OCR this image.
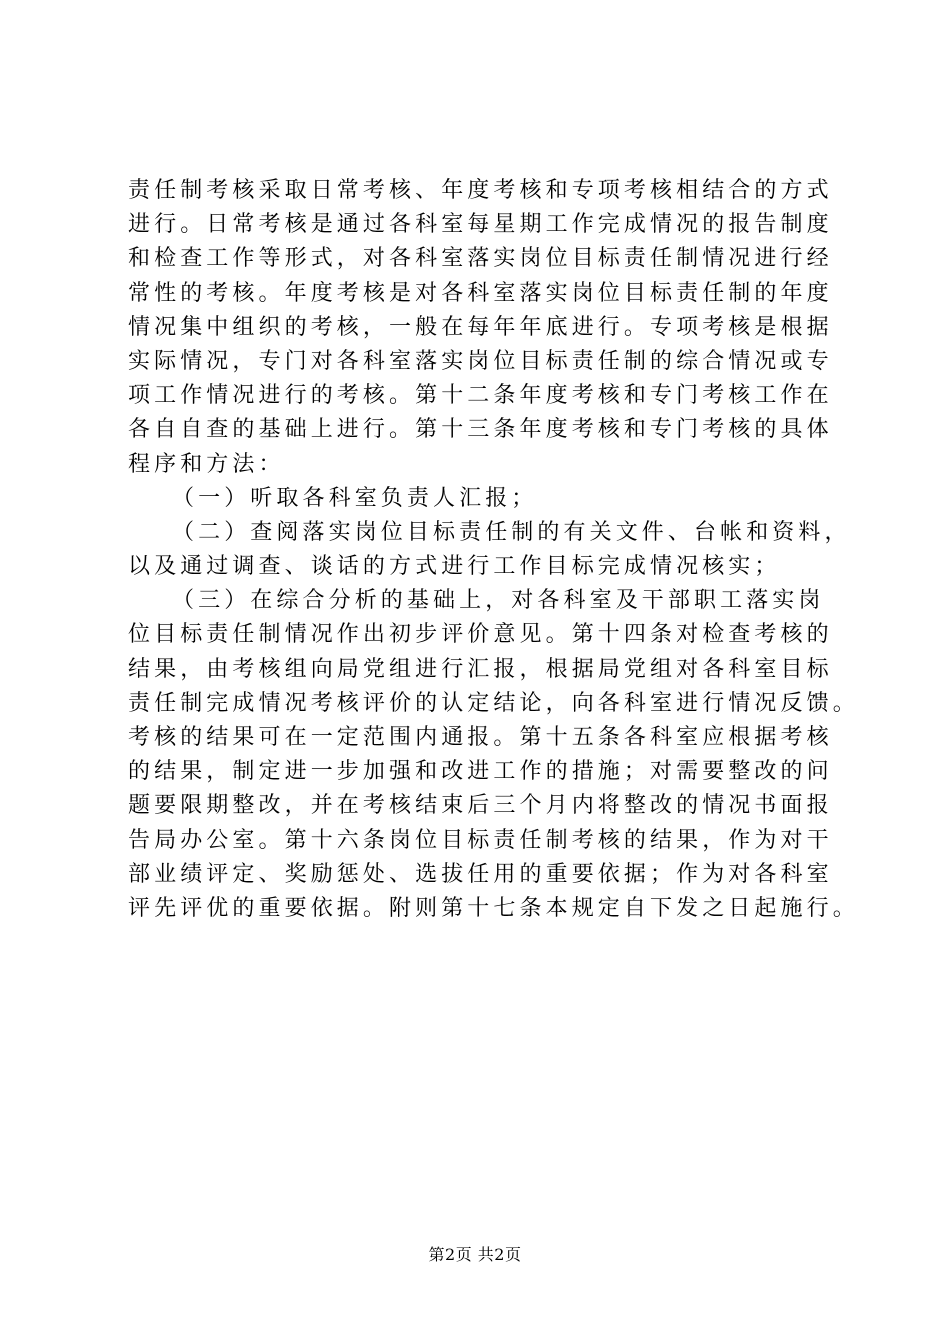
责任制考核采取日常考核、年度考核和专项考核相结合的方式
进行。日常考核是通过各科室每星期工作完成情况的报告制度
和检查工作等形式，对各科室落实岗位目标责任制情况进行经
常性的考核。年度考核是对各科室落实岗位目标责任制的年度
情况集中组织的考核，一般在每年年底进行。专项考核是根据
实际情况，专门对各科室落实岗位目标责任制的综合情况或专
项工作情况进行的考核。第十二条年度考核和专门考核工作在
各自自查的基础上进行。第十三条年度考核和专门考核的具体
程序和方法：
（一）听取各科室负责人汇报；
（二）查阅落实岗位目标责任制的有关文件、台帐和资料，
以及通过调查、谈话的方式进行工作目标完成情况核实；
（三）在综合分析的基础上，对各科室及干部职工落实岗
位目标责任制情况作出初步评价意见。第十四条对检查考核的
结果，由考核组向局党组进行汇报，根据局党组对各科室目标
责任制完成情况考核评价的认定结论，向各科室进行情况反馈。
考核的结果可在一定范围内通报。第十五条各科室应根据考核
的结果，制定进一步加强和改进工作的措施；对需要整改的问
题要限期整改，并在考核结束后三个月内将整改的情况书面报
告局办公室。第十六条岗位目标责任制考核的结果，作为对干
部业绩评定、奖励惩处、选拔任用的重要依据；作为对各科室
评先评优的重要依据。附则第十七条本规定自下发之日起施行。
第2页 共2页
